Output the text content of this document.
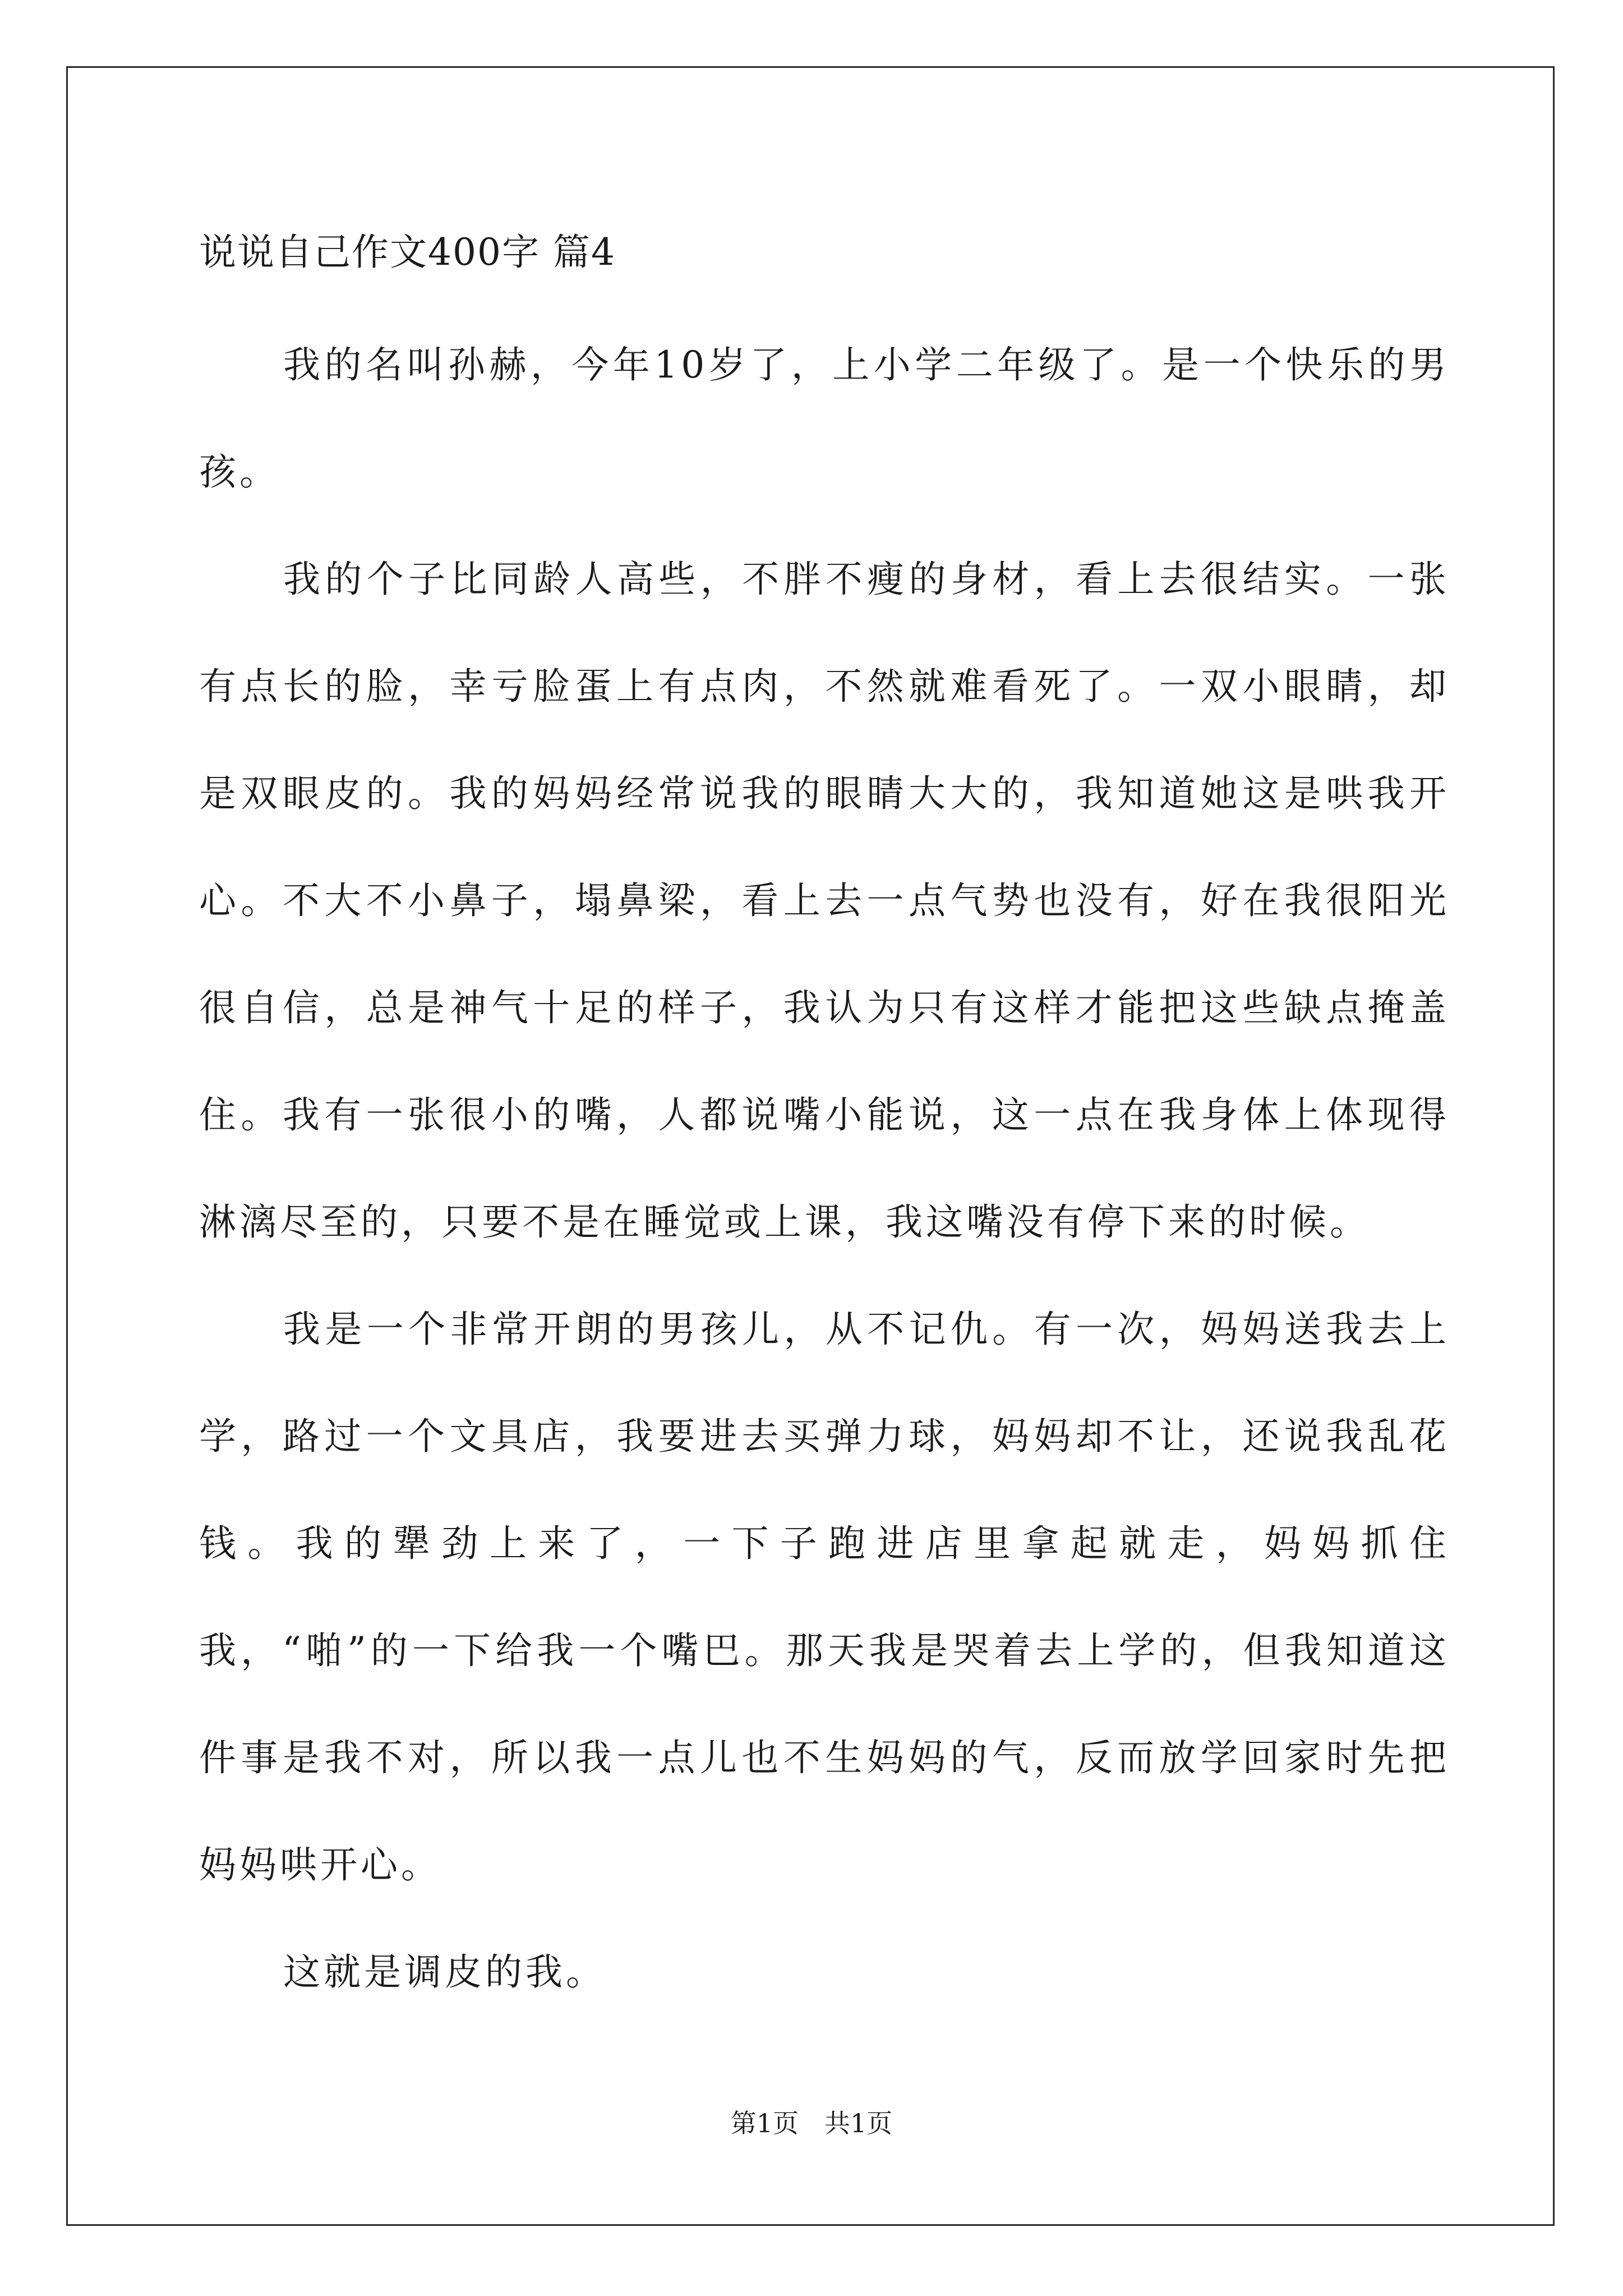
说说自己作文400字 篇4

我的名叫孙赫，今年10岁了，上小学二年级了。是一个快乐的男孩。

我的个子比同龄人高些，不胖不瘦的身材，看上去很结实。一张有点长的脸，幸亏脸蛋上有点肉，不然就难看死了。一双小眼睛，却是双眼皮的。我的妈妈经常说我的眼睛大大的，我知道她这是哄我开心。不大不小鼻子，塌鼻梁，看上去一点气势也没有，好在我很阳光很自信，总是神气十足的样子，我认为只有这样才能把这些缺点掩盖住。我有一张很小的嘴，人都说嘴小能说，这一点在我身体上体现得淋漓尽至的，只要不是在睡觉或上课，我这嘴没有停下来的时候。

我是一个非常开朗的男孩儿，从不记仇。有一次，妈妈送我去上学，路过一个文具店，我要进去买弹力球，妈妈却不让，还说我乱花钱。我的犟劲上来了，一下子跑进店里拿起就走，妈妈抓住我，“啪”的一下给我一个嘴巴。那天我是哭着去上学的，但我知道这件事是我不对，所以我一点儿也不生妈妈的气，反而放学回家时先把妈妈哄开心。

这就是调皮的我。

第1页 共1页
